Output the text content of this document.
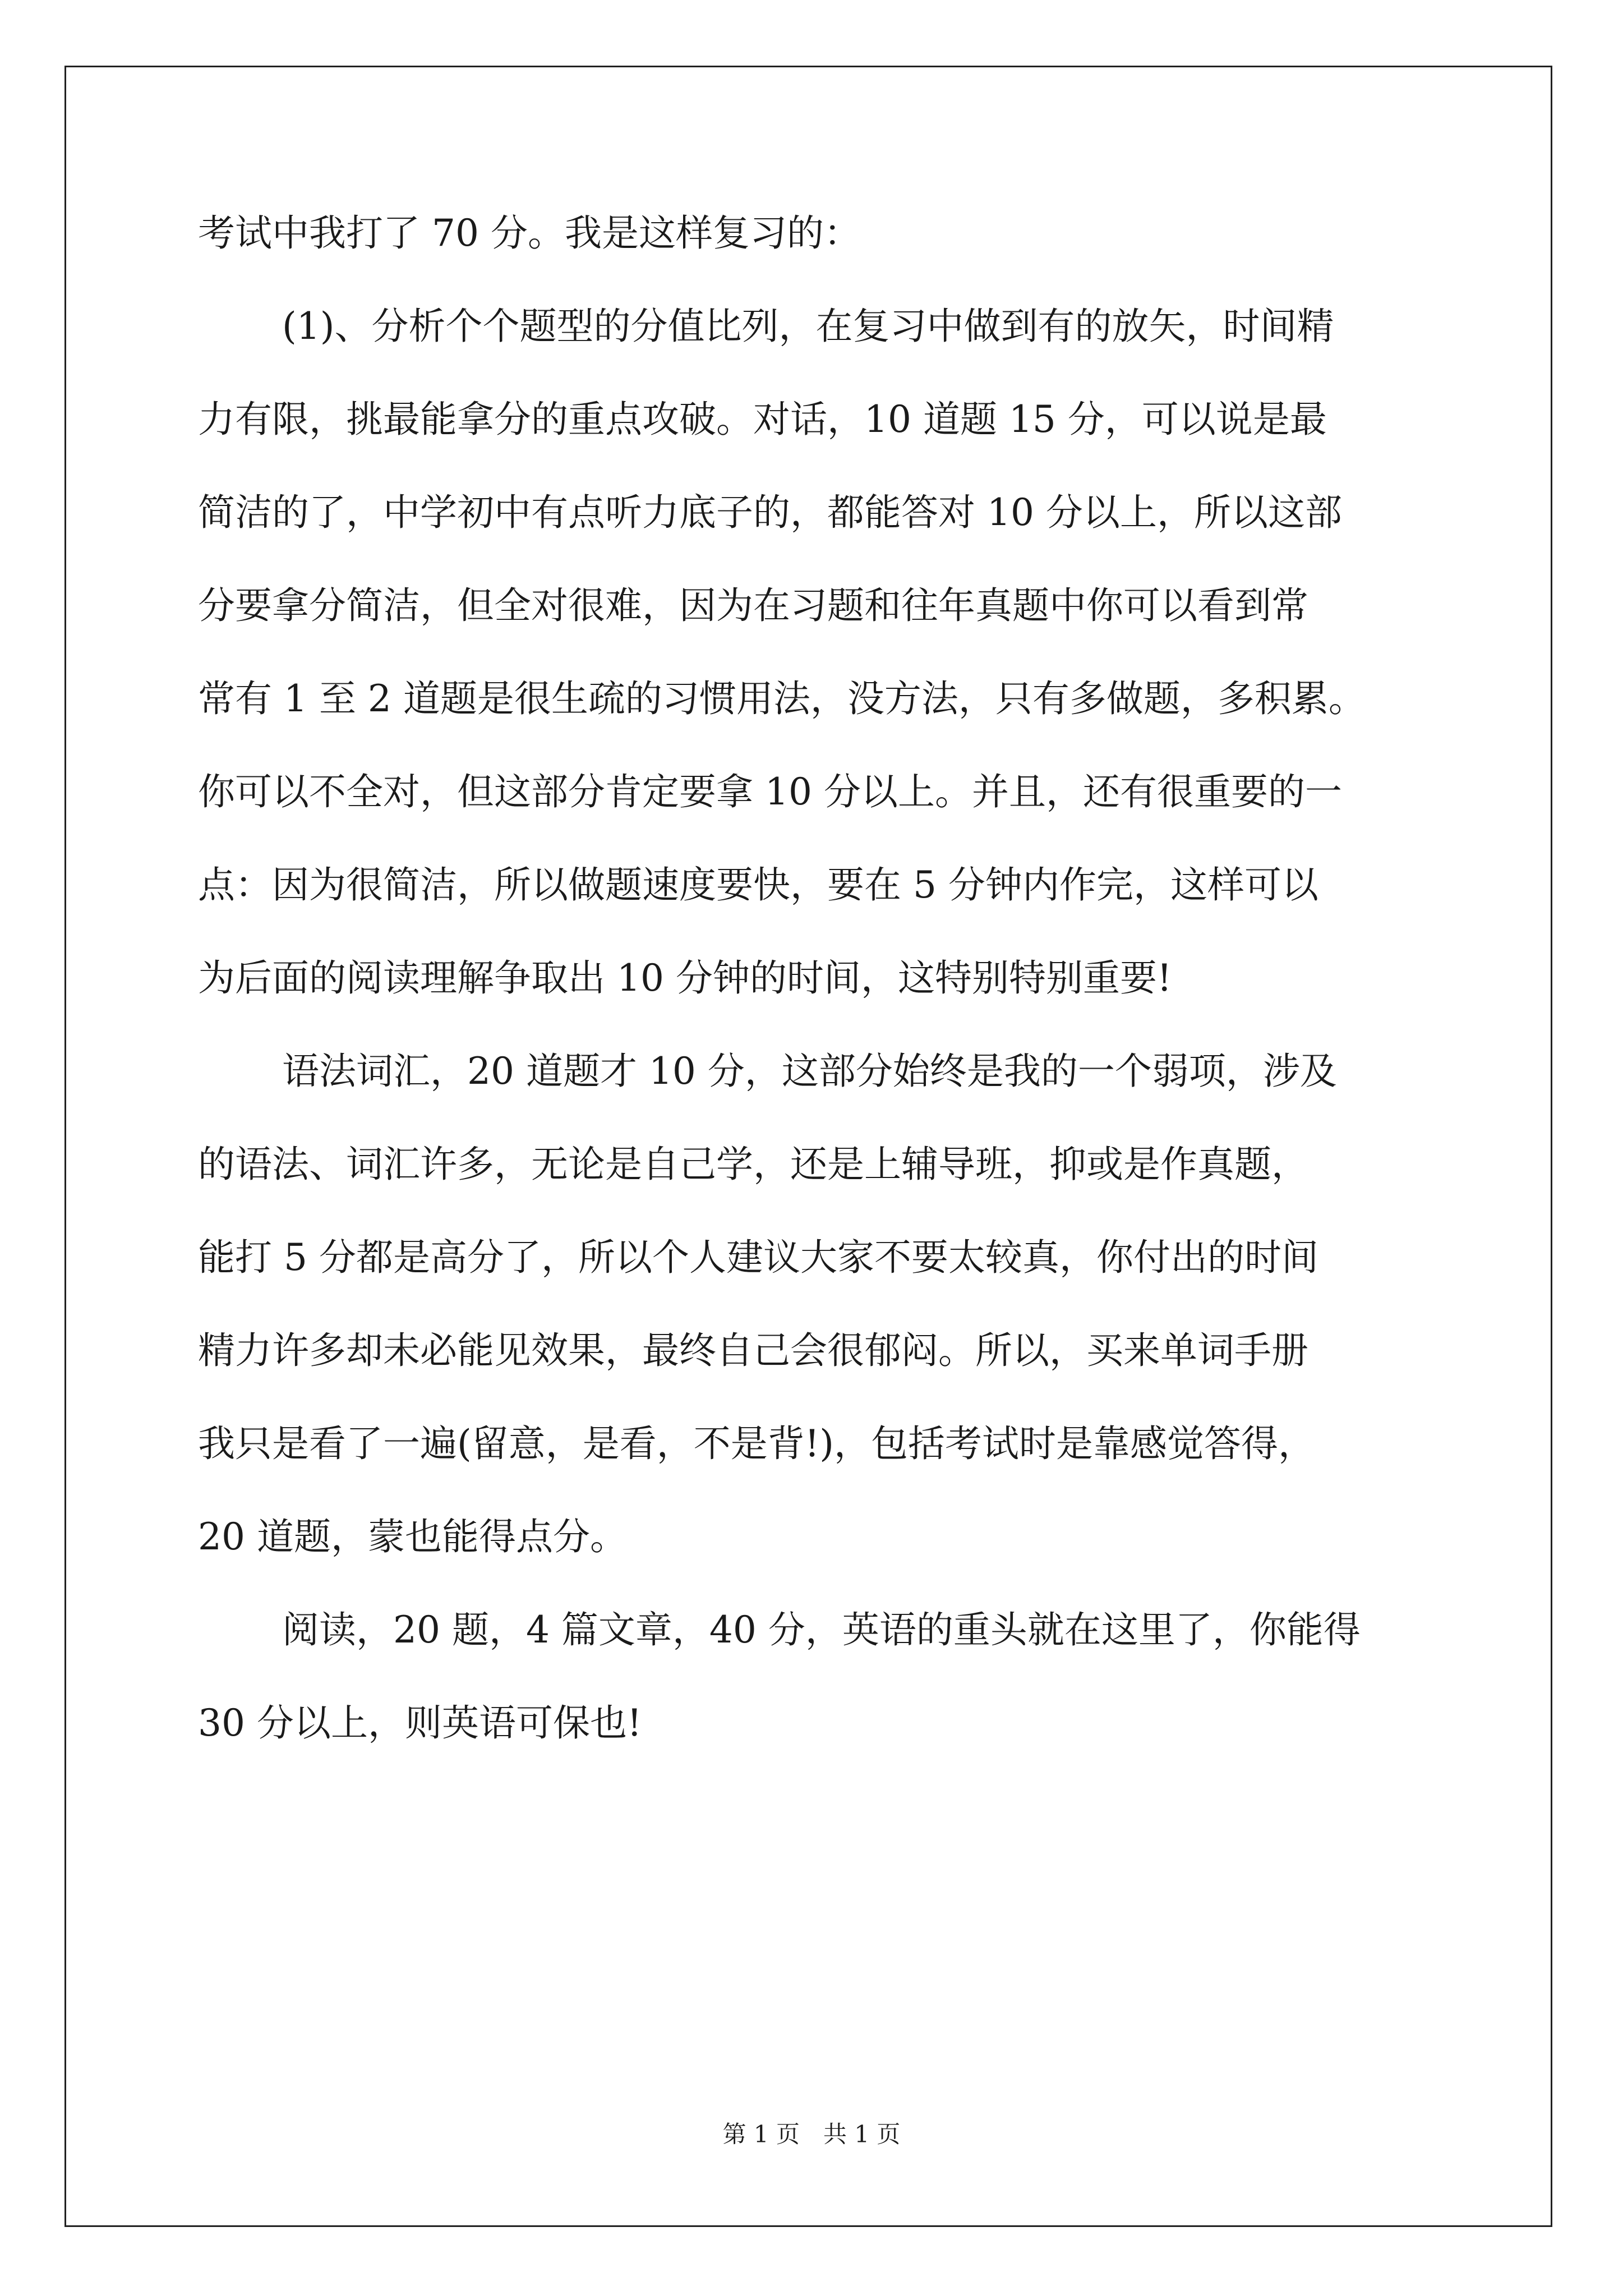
考试中我打了 70 分。我是这样复习的：
(1)、分析个个题型的分值比列，在复习中做到有的放矢，时间精
力有限，挑最能拿分的重点攻破。对话，10 道题 15 分，可以说是最
简洁的了，中学初中有点听力底子的，都能答对 10 分以上，所以这部
分要拿分简洁，但全对很难，因为在习题和往年真题中你可以看到常
常有 1 至 2 道题是很生疏的习惯用法，没方法，只有多做题，多积累。
你可以不全对，但这部分肯定要拿 10 分以上。并且，还有很重要的一
点：因为很简洁，所以做题速度要快，要在 5 分钟内作完，这样可以
为后面的阅读理解争取出 10 分钟的时间，这特别特别重要!
语法词汇，20 道题才 10 分，这部分始终是我的一个弱项，涉及
的语法、词汇许多，无论是自己学，还是上辅导班，抑或是作真题，
能打 5 分都是高分了，所以个人建议大家不要太较真，你付出的时间
精力许多却未必能见效果，最终自己会很郁闷。所以，买来单词手册
我只是看了一遍(留意，是看，不是背!)，包括考试时是靠感觉答得，
20 道题，蒙也能得点分。
阅读，20 题，4 篇文章，40 分，英语的重头就在这里了，你能得
30 分以上，则英语可保也!
第 1 页　共 1 页
